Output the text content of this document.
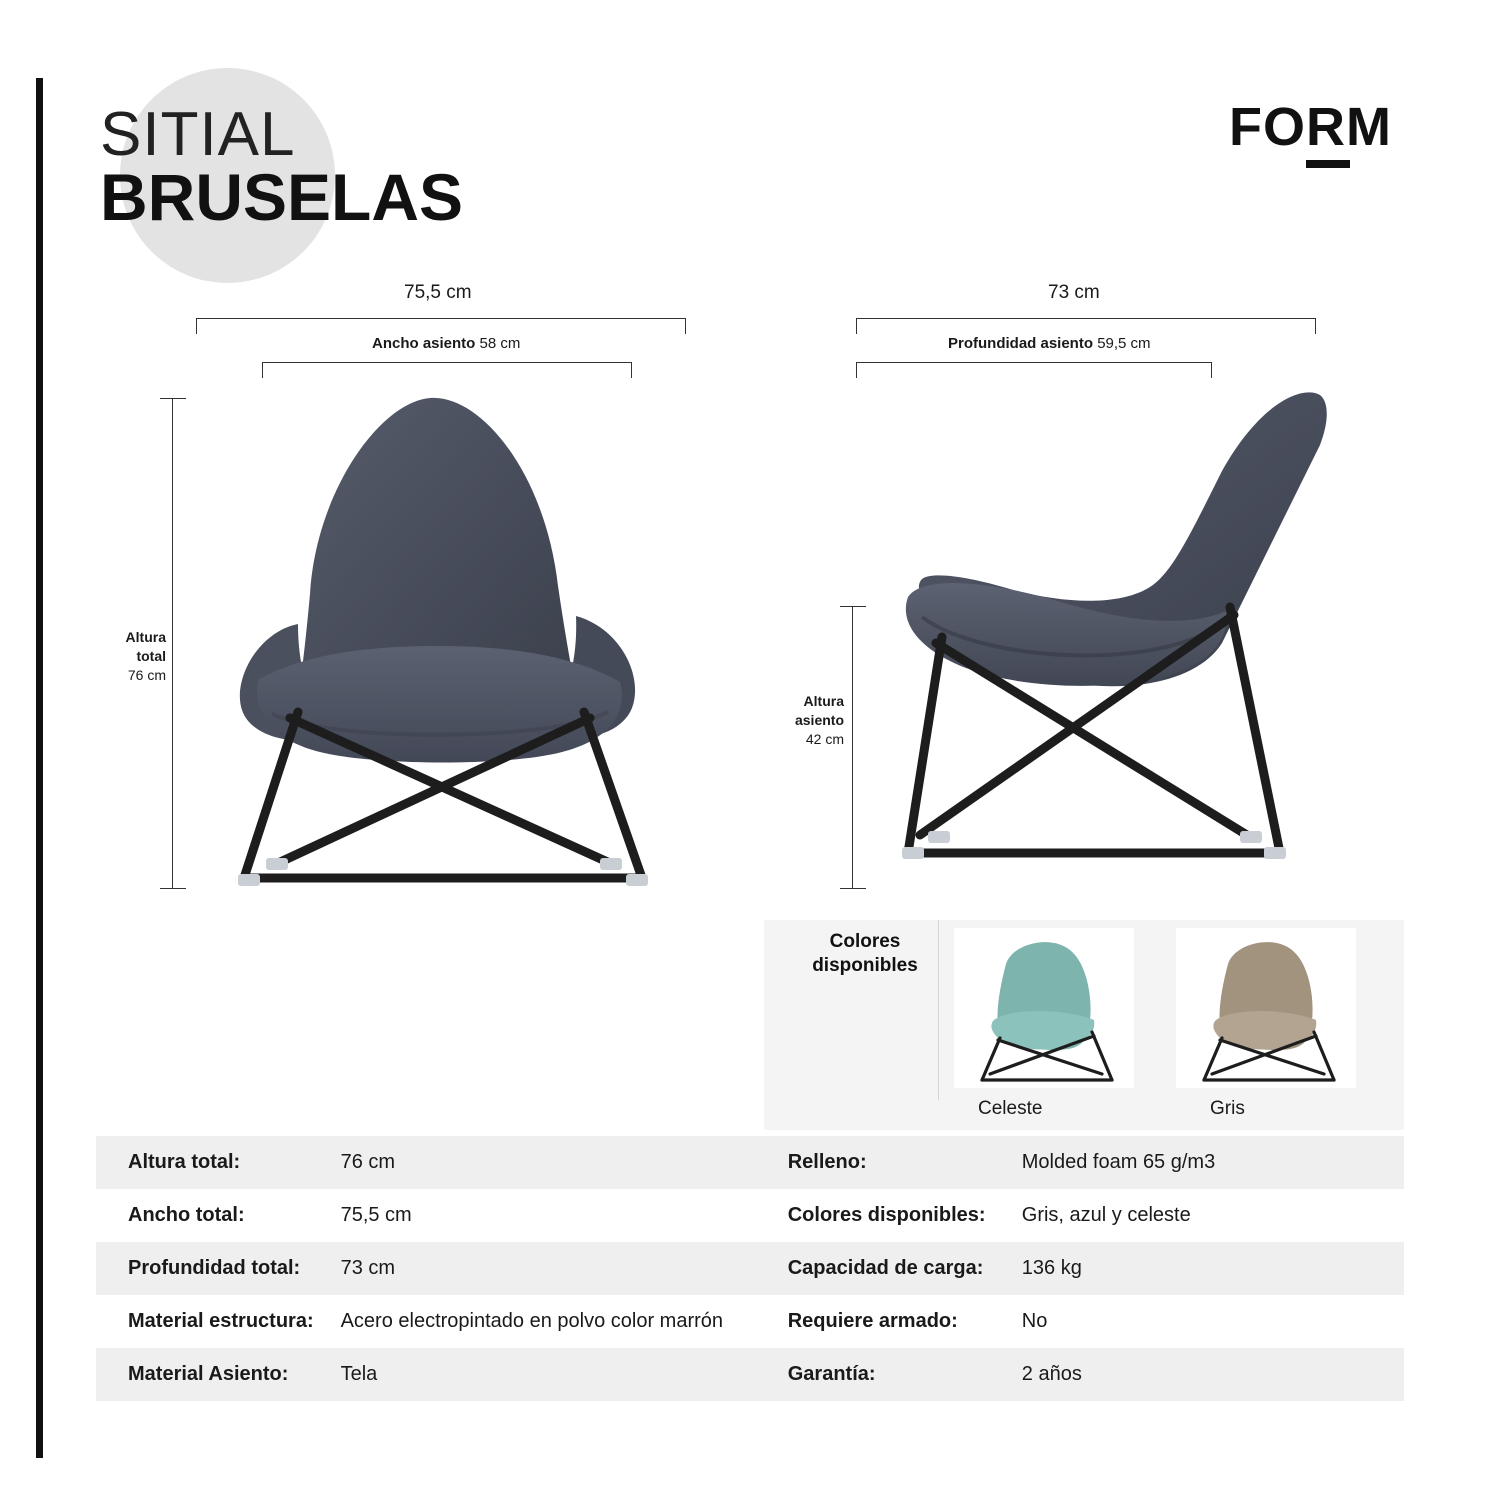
SITIAL
BRUSELAS
FORM
75,5 cm
Ancho asiento 58 cm
Altura
total
76 cm
73 cm
Profundidad asiento 59,5 cm
Altura
asiento
42 cm
Colores
disponibles
Celeste	Gris
Altura total:	76 cm	Relleno:	Molded foam 65 g/m3
Ancho total:	75,5 cm	Colores disponibles:	Gris, azul y celeste
Profundidad total:	73 cm	Capacidad de carga:	136 kg
Material estructura:	Acero electropintado en polvo color marrón	Requiere armado:	No
Material Asiento:	Tela	Garantía:	2 años
